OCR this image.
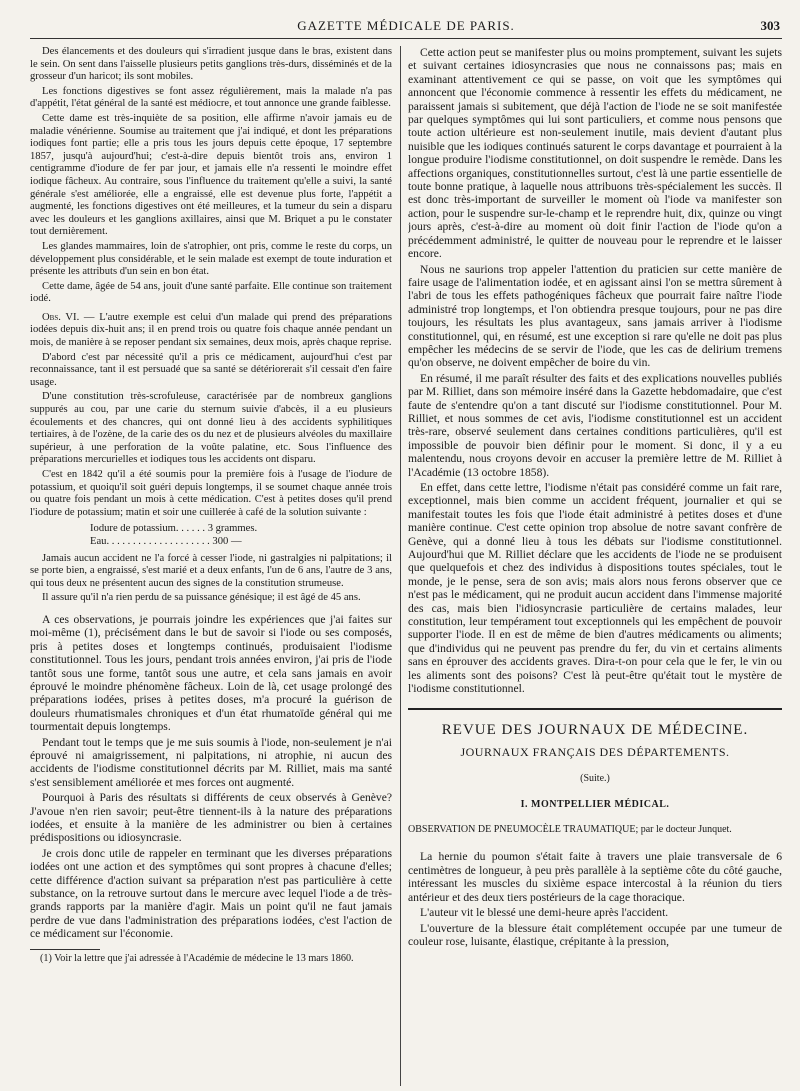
GAZETTE MÉDICALE DE PARIS.	303

Des élancements et des douleurs qui s'irradient jusque dans le bras, existent dans le sein. On sent dans l'aisselle plusieurs petits ganglions très-durs, disséminés et de la grosseur d'un haricot; ils sont mobiles.

Les fonctions digestives se font assez régulièrement, mais la malade n'a pas d'appétit, l'état général de la santé est médiocre, et tout annonce une grande faiblesse.

Cette dame est très-inquiète de sa position, elle affirme n'avoir jamais eu de maladie vénérienne. Soumise au traitement que j'ai indiqué, et dont les préparations iodiques font partie; elle a pris tous les jours depuis cette époque, 17 septembre 1857, jusqu'à aujourd'hui; c'est-à-dire depuis bientôt trois ans, environ 1 centigramme d'iodure de fer par jour, et jamais elle n'a ressenti le moindre effet iodique fâcheux. Au contraire, sous l'influence du traitement qu'elle a suivi, la santé générale s'est améliorée, elle a engraissé, elle est devenue plus forte, l'appétit a augmenté, les fonctions digestives ont été meilleures, et la tumeur du sein a disparu avec les douleurs et les ganglions axillaires, ainsi que M. Briquet a pu le constater tout dernièrement.

Les glandes mammaires, loin de s'atrophier, ont pris, comme le reste du corps, un développement plus considérable, et le sein malade est exempt de toute induration et présente les attributs d'un sein en bon état.

Cette dame, âgée de 54 ans, jouit d'une santé parfaite. Elle continue son traitement iodé.

Obs. VI. — L'autre exemple est celui d'un malade qui prend des préparations iodées depuis dix-huit ans; il en prend trois ou quatre fois chaque année pendant un mois, de manière à se reposer pendant six semaines, deux mois, après chaque reprise.

D'abord c'est par nécessité qu'il a pris ce médicament, aujourd'hui c'est par reconnaissance, tant il est persuadé que sa santé se détériorerait s'il cessait d'en faire usage.

D'une constitution très-scrofuleuse, caractérisée par de nombreux ganglions suppurés au cou, par une carie du sternum suivie d'abcès, il a eu plusieurs écoulements et des chancres, qui ont donné lieu à des accidents syphilitiques tertiaires, à de l'ozène, de la carie des os du nez et de plusieurs alvéoles du maxillaire supérieur, à une perforation de la voûte palatine, etc. Sous l'influence des préparations mercurielles et iodiques tous les accidents ont disparu.

C'est en 1842 qu'il a été soumis pour la première fois à l'usage de l'iodure de potassium, et quoiqu'il soit guéri depuis longtemps, il se soumet chaque année trois ou quatre fois pendant un mois à cette médication. C'est à petites doses qu'il prend l'iodure de potassium; matin et soir une cuillerée à café de la solution suivante :

Iodure de potassium. . . . . . 3 grammes.
Eau. . . . . . . . . . . . . . . . . . . . 300 —

Jamais aucun accident ne l'a forcé à cesser l'iode, ni gastralgies ni palpitations; il se porte bien, a engraissé, s'est marié et a deux enfants, l'un de 6 ans, l'autre de 3 ans, qui tous deux ne présentent aucun des signes de la constitution strumeuse.

Il assure qu'il n'a rien perdu de sa puissance génésique; il est âgé de 45 ans.

A ces observations, je pourrais joindre les expériences que j'ai faites sur moi-même (1), précisément dans le but de savoir si l'iode ou ses composés, pris à petites doses et longtemps continués, produisaient l'iodisme constitutionnel. Tous les jours, pendant trois années environ, j'ai pris de l'iode tantôt sous une forme, tantôt sous une autre, et cela sans jamais en avoir éprouvé le moindre phénomène fâcheux. Loin de là, cet usage prolongé des préparations iodées, prises à petites doses, m'a procuré la guérison de douleurs rhumatismales chroniques et d'un état rhumatoïde général qui me tourmentait depuis longtemps.

Pendant tout le temps que je me suis soumis à l'iode, non-seulement je n'ai éprouvé ni amaigrissement, ni palpitations, ni atrophie, ni aucun des accidents de l'iodisme constitutionnel décrits par M. Rilliet, mais ma santé s'est sensiblement améliorée et mes forces ont augmenté.

Pourquoi à Paris des résultats si différents de ceux observés à Genève? J'avoue n'en rien savoir; peut-être tiennent-ils à la nature des préparations iodées, et ensuite à la manière de les administrer ou bien à certaines prédispositions ou idiosyncrasie.

Je crois donc utile de rappeler en terminant que les diverses préparations iodées ont une action et des symptômes qui sont propres à chacune d'elles; cette différence d'action suivant sa préparation n'est pas particulière à cette substance, on la retrouve surtout dans le mercure avec lequel l'iode a de très-grands rapports par la manière d'agir. Mais un point qu'il ne faut jamais perdre de vue dans l'administration des préparations iodées, c'est l'action de ce médicament sur l'économie.

(1) Voir la lettre que j'ai adressée à l'Académie de médecine le 13 mars 1860.

Cette action peut se manifester plus ou moins promptement, suivant les sujets et suivant certaines idiosyncrasies que nous ne connaissons pas; mais en examinant attentivement ce qui se passe, on voit que les symptômes qui annoncent que l'économie commence à ressentir les effets du médicament, ne paraissent jamais si subitement, que déjà l'action de l'iode ne se soit manifestée par quelques symptômes qui lui sont particuliers, et comme nous pensons que toute action ultérieure est non-seulement inutile, mais devient d'autant plus nuisible que les iodiques continués saturent le corps davantage et pourraient à la longue produire l'iodisme constitutionnel, on doit suspendre le remède. Dans les affections organiques, constitutionnelles surtout, c'est là une partie essentielle de toute bonne pratique, à laquelle nous attribuons très-spécialement les succès. Il est donc très-important de surveiller le moment où l'iode va manifester son action, pour le suspendre sur-le-champ et le reprendre huit, dix, quinze ou vingt jours après, c'est-à-dire au moment où doit finir l'action de l'iode qu'on a précédemment administré, le quitter de nouveau pour le reprendre et le laisser encore.

Nous ne saurions trop appeler l'attention du praticien sur cette manière de faire usage de l'alimentation iodée, et en agissant ainsi l'on se mettra sûrement à l'abri de tous les effets pathogéniques fâcheux que pourrait faire naître l'iode administré trop longtemps, et l'on obtiendra presque toujours, pour ne pas dire toujours, les résultats les plus avantageux, sans jamais arriver à l'iodisme constitutionnel, qui, en résumé, est une exception si rare qu'elle ne doit pas plus empêcher les médecins de se servir de l'iode, que les cas de delirium tremens qu'on observe, ne doivent empêcher de boire du vin.

En résumé, il me paraît résulter des faits et des explications nouvelles publiés par M. Rilliet, dans son mémoire inséré dans la Gazette hebdomadaire, que c'est faute de s'entendre qu'on a tant discuté sur l'iodisme constitutionnel. Pour M. Rilliet, et nous sommes de cet avis, l'iodisme constitutionnel est un accident très-rare, observé seulement dans certaines conditions particulières, qu'il est impossible de pouvoir bien définir pour le moment. Si donc, il y a eu malentendu, nous croyons devoir en accuser la première lettre de M. Rilliet à l'Académie (13 octobre 1858).

En effet, dans cette lettre, l'iodisme n'était pas considéré comme un fait rare, exceptionnel, mais bien comme un accident fréquent, journalier et qui se manifestait toutes les fois que l'iode était administré à petites doses et d'une manière continue. C'est cette opinion trop absolue de notre savant confrère de Genève, qui a donné lieu à tous les débats sur l'iodisme constitutionnel. Aujourd'hui que M. Rilliet déclare que les accidents de l'iode ne se produisent que quelquefois et chez des individus à dispositions toutes spéciales, tout le monde, je le pense, sera de son avis; mais alors nous ferons observer que ce n'est pas le médicament, qui ne produit aucun accident dans l'immense majorité des cas, mais bien l'idiosyncrasie particulière de certains malades, leur constitution, leur tempérament tout exceptionnels qui les empêchent de pouvoir supporter l'iode. Il en est de même de bien d'autres médicaments ou aliments; que d'individus qui ne peuvent pas prendre du fer, du vin et certains aliments sans en éprouver des accidents graves. Dira-t-on pour cela que le fer, le vin ou les aliments sont des poisons? C'est là peut-être qu'était tout le mystère de l'iodisme constitutionnel.

REVUE DES JOURNAUX DE MÉDECINE.
JOURNAUX FRANÇAIS DES DÉPARTEMENTS.
(Suite.)
I. MONTPELLIER MÉDICAL.

OBSERVATION DE PNEUMOCÈLE TRAUMATIQUE; par le docteur Junquet.

La hernie du poumon s'était faite à travers une plaie transversale de 6 centimètres de longueur, à peu près parallèle à la septième côte du côté gauche, intéressant les muscles du sixième espace intercostal à la réunion du tiers antérieur et des deux tiers postérieurs de la cage thoracique.

L'auteur vit le blessé une demi-heure après l'accident.

L'ouverture de la blessure était complétement occupée par une tumeur de couleur rose, luisante, élastique, crépitante à la pression,
